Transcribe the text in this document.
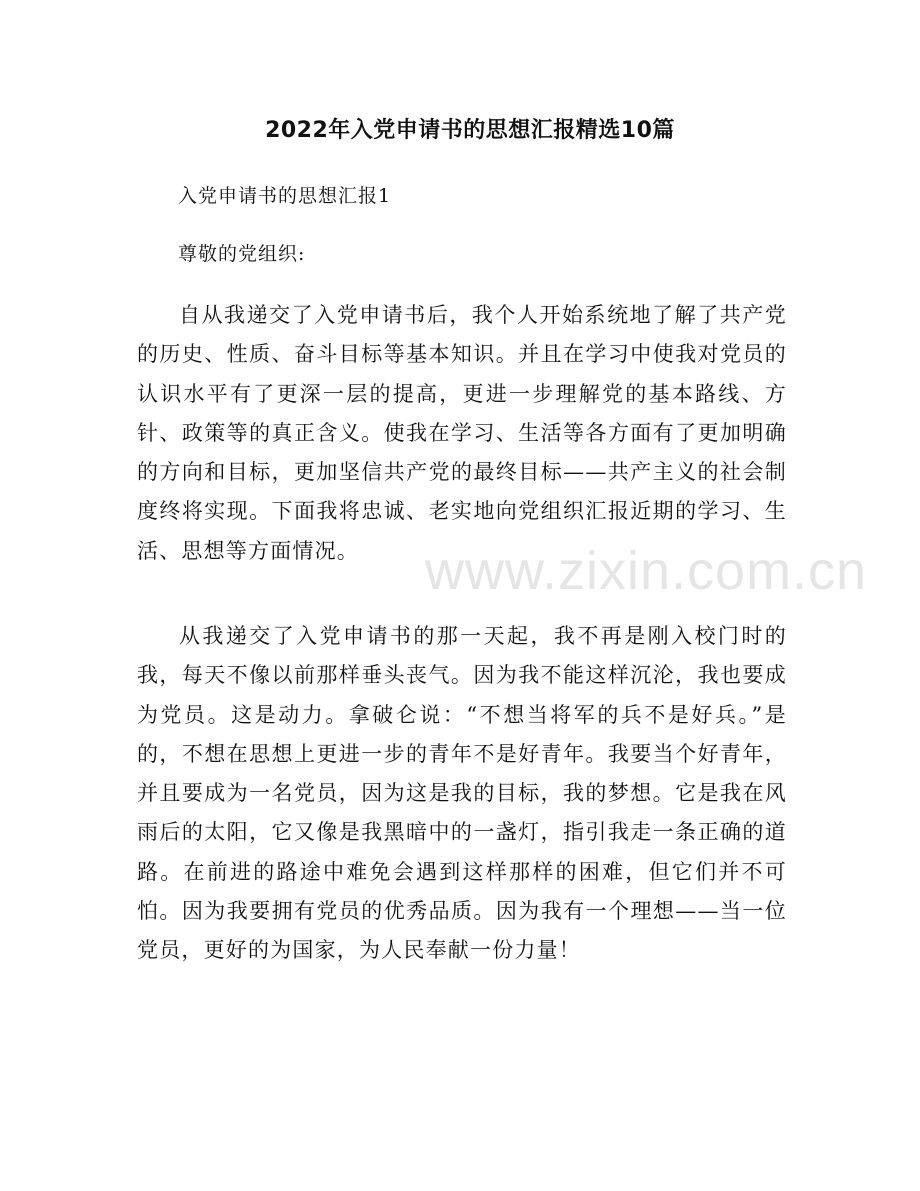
2022年入党申请书的思想汇报精选10篇

入党申请书的思想汇报1

尊敬的党组织:

自从我递交了入党申请书后，我个人开始系统地了解了共产党的历史、性质、奋斗目标等基本知识。并且在学习中使我对党员的认识水平有了更深一层的提高，更进一步理解党的基本路线、方针、政策等的真正含义。使我在学习、生活等各方面有了更加明确的方向和目标，更加坚信共产党的最终目标——共产主义的社会制度终将实现。下面我将忠诚、老实地向党组织汇报近期的学习、生活、思想等方面情况。

从我递交了入党申请书的那一天起，我不再是刚入校门时的我，每天不像以前那样垂头丧气。因为我不能这样沉沦，我也要成为党员。这是动力。拿破仑说：“不想当将军的兵不是好兵。”是的，不想在思想上更进一步的青年不是好青年。我要当个好青年，并且要成为一名党员，因为这是我的目标，我的梦想。它是我在风雨后的太阳，它又像是我黑暗中的一盏灯，指引我走一条正确的道路。在前进的路途中难免会遇到这样那样的困难，但它们并不可怕。因为我要拥有党员的优秀品质。因为我有一个理想——当一位党员，更好的为国家，为人民奉献一份力量！

www.zixin.com.cn
